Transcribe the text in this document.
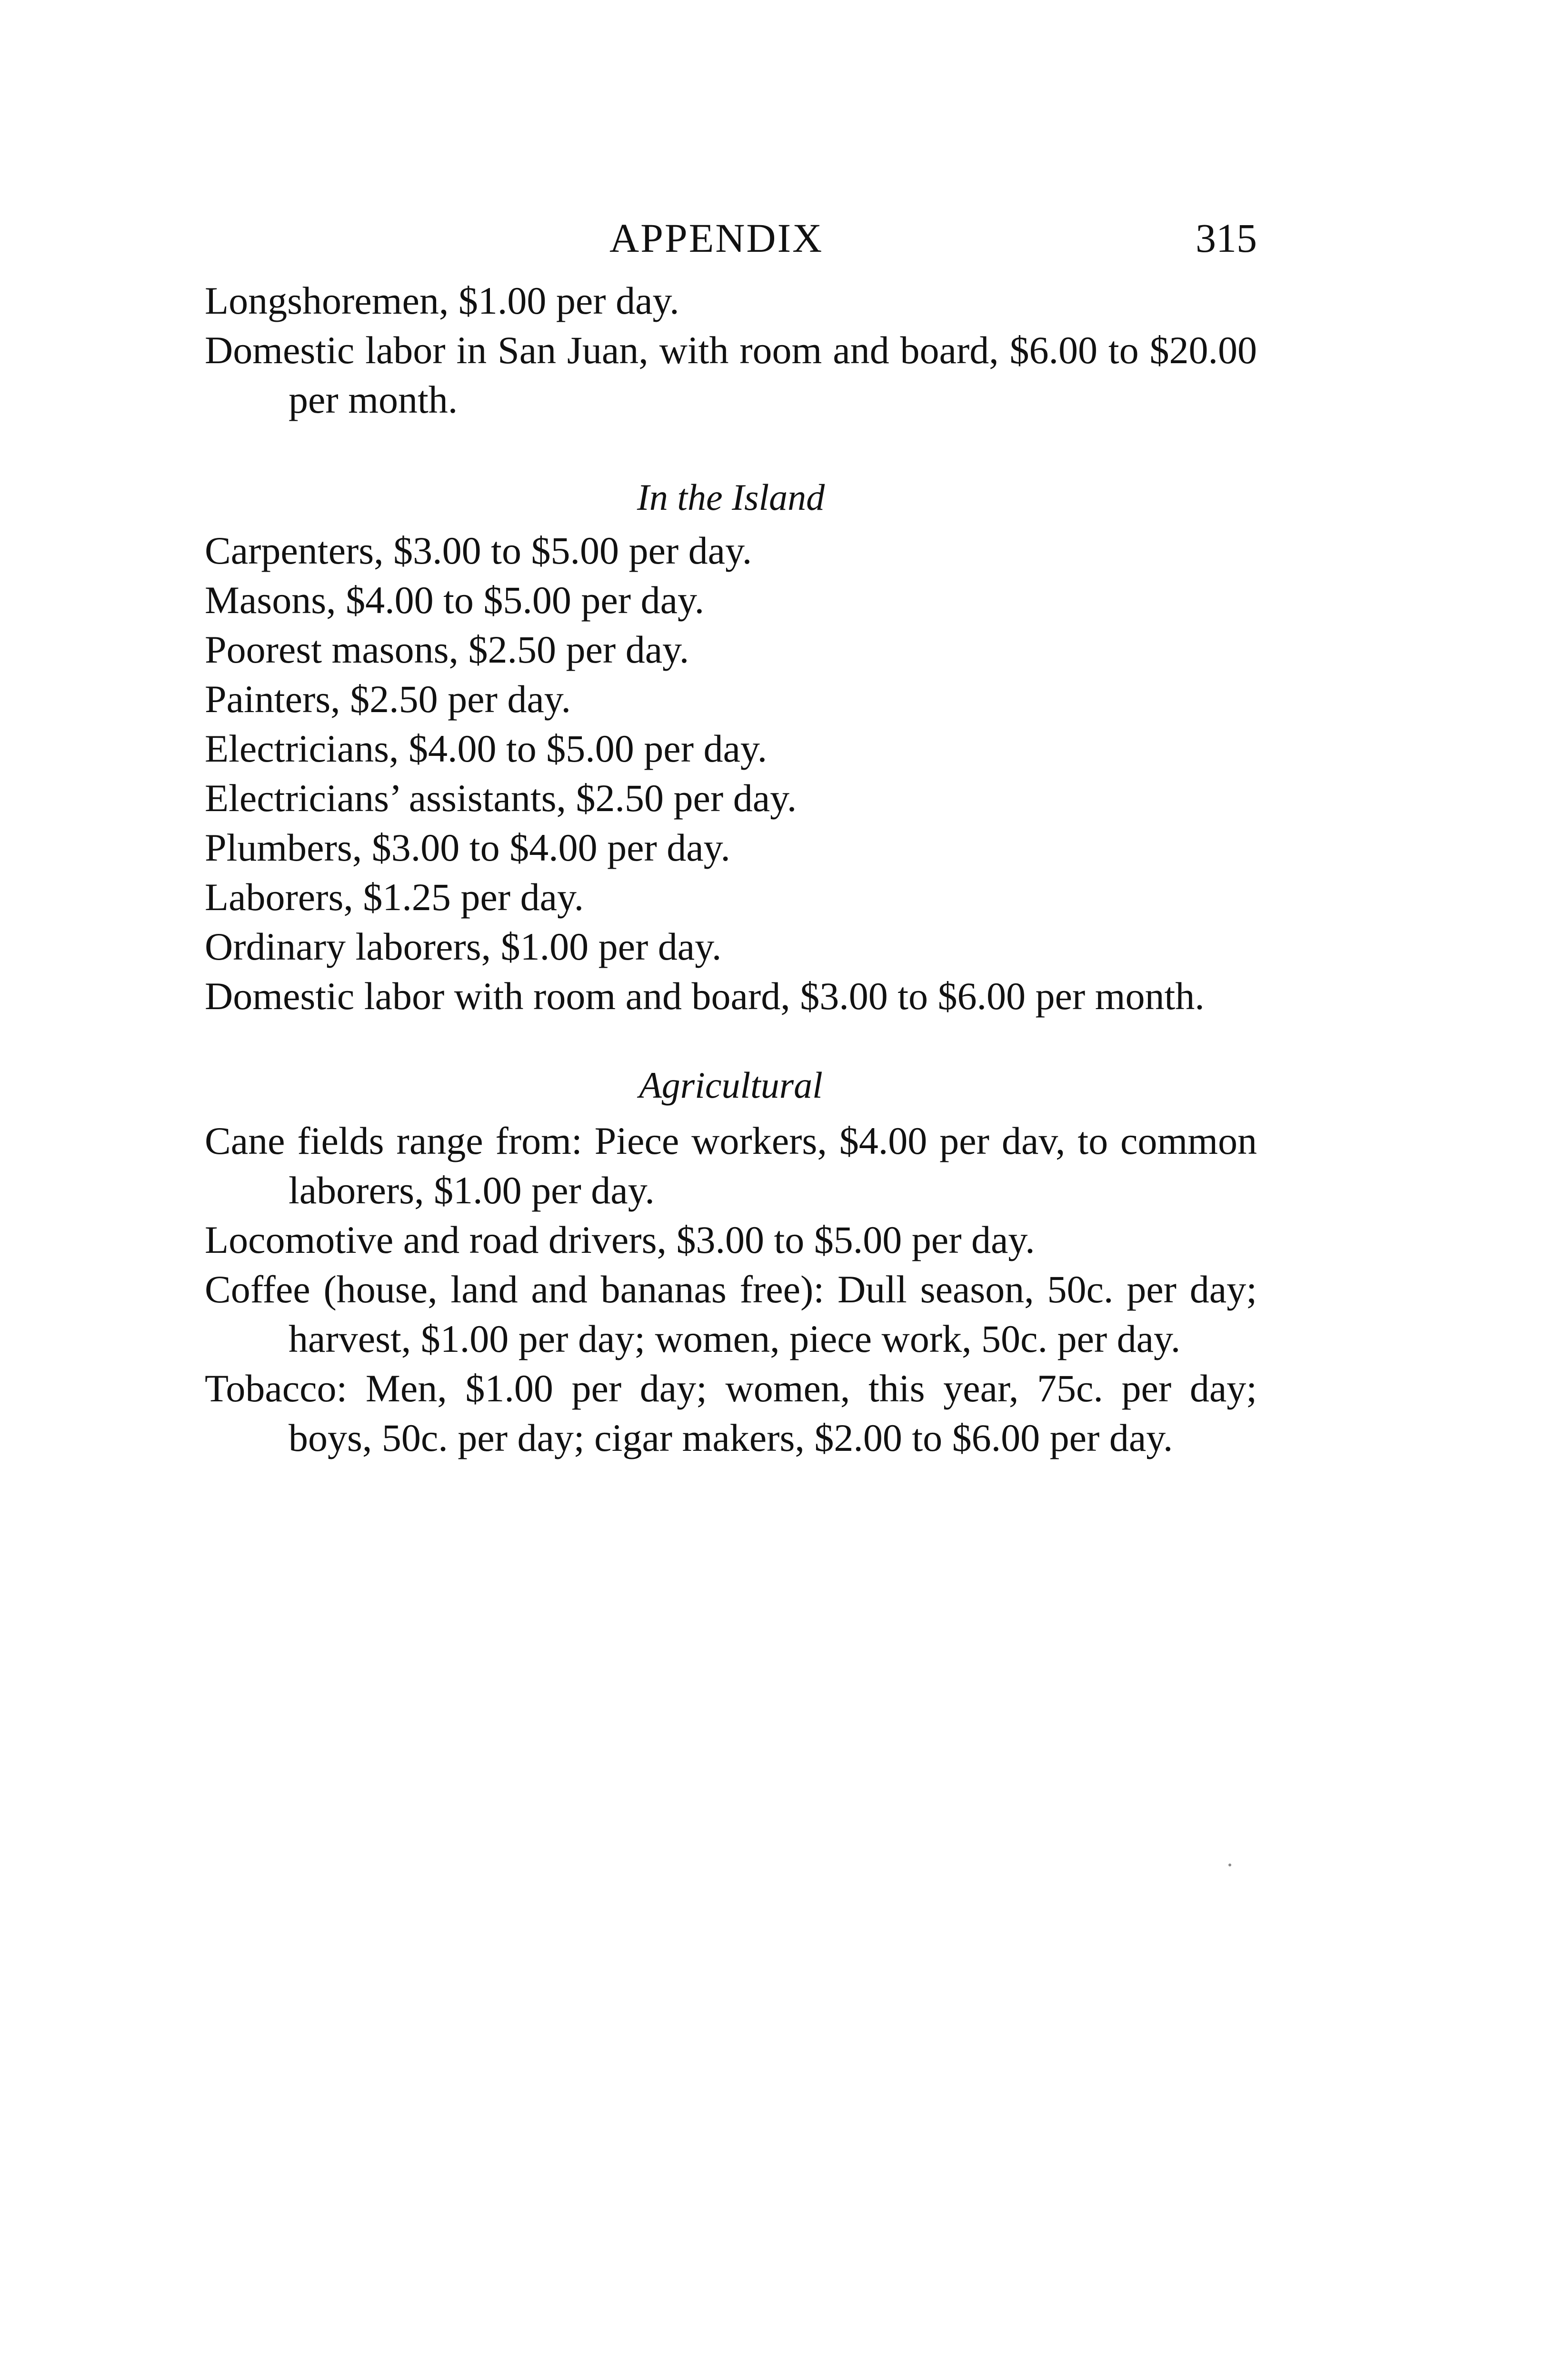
APPENDIX	315
Longshoremen, $1.00 per day.
Domestic labor in San Juan, with room and board, $6.00 to $20.00 per month.
In the Island
Carpenters, $3.00 to $5.00 per day.
Masons, $4.00 to $5.00 per day.
Poorest masons, $2.50 per day.
Painters, $2.50 per day.
Electricians, $4.00 to $5.00 per day.
Electricians’ assistants, $2.50 per day.
Plumbers, $3.00 to $4.00 per day.
Laborers, $1.25 per day.
Ordinary laborers, $1.00 per day.
Domestic labor with room and board, $3.00 to $6.00 per month.
Agricultural
Cane fields range from: Piece workers, $4.00 per dav, to common laborers, $1.00 per day.
Locomotive and road drivers, $3.00 to $5.00 per day.
Coffee (house, land and bananas free): Dull season, 50c. per day; harvest, $1.00 per day; women, piece work, 50c. per day.
Tobacco: Men, $1.00 per day; women, this year, 75c. per day; boys, 50c. per day; cigar makers, $2.00 to $6.00 per day.
